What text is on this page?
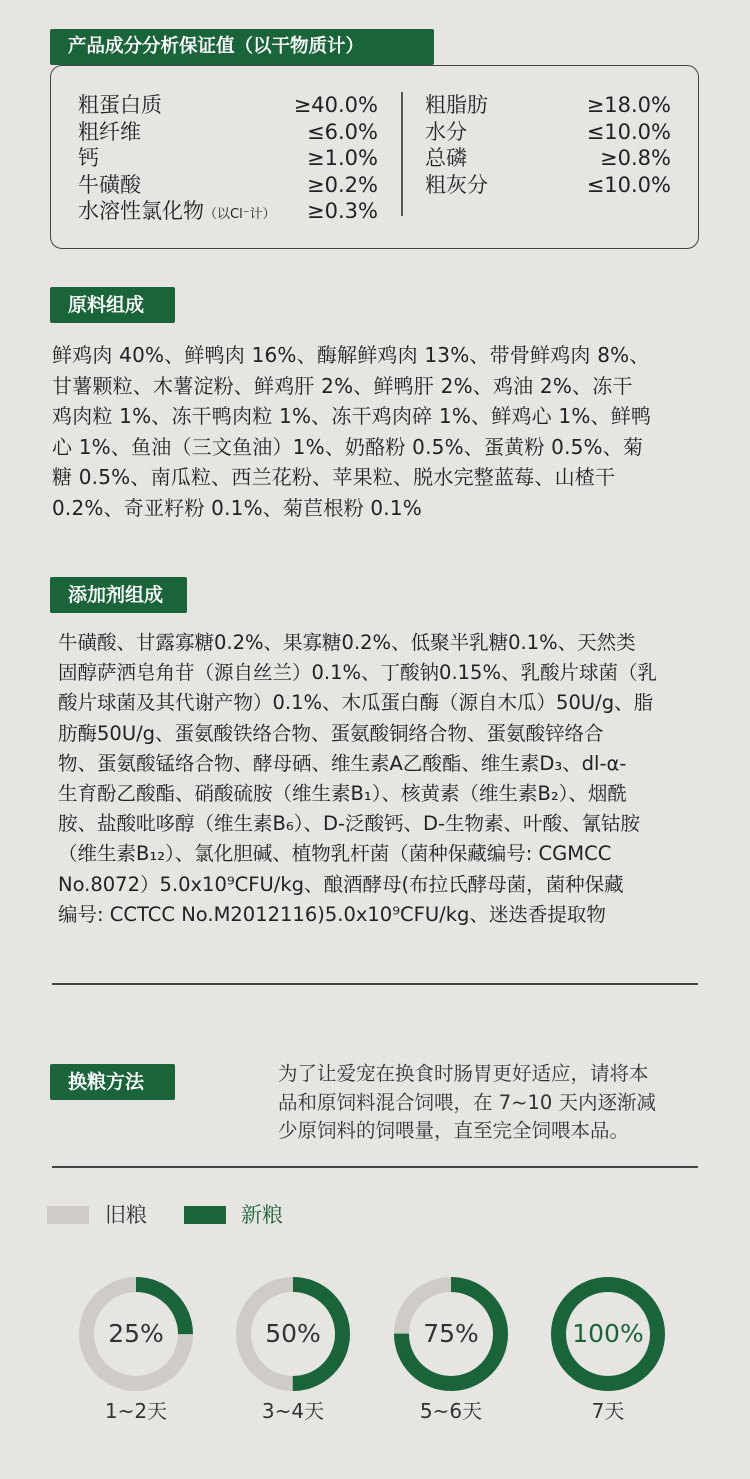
产品成分分析保证值（以干物质计）
粗蛋白质	≥40.0%
粗纤维	≤6.0%
钙	≥1.0%
牛磺酸	≥0.2%
水溶性氯化物（以Cl⁻计） ≥0.3%
粗脂肪	≥18.0%
水分	≤10.0%
总磷	≥0.8%
粗灰分	≤10.0%
原料组成
鲜鸡肉 40%、鲜鸭肉 16%、酶解鲜鸡肉 13%、带骨鲜鸡肉 8%、
甘薯颗粒、木薯淀粉、鲜鸡肝 2%、鲜鸭肝 2%、鸡油 2%、冻干
鸡肉粒 1%、冻干鸭肉粒 1%、冻干鸡肉碎 1%、鲜鸡心 1%、鲜鸭
心 1%、鱼油（三文鱼油）1%、奶酪粉 0.5%、蛋黄粉 0.5%、菊
糖 0.5%、南瓜粒、西兰花粉、苹果粒、脱水完整蓝莓、山楂干
0.2%、奇亚籽粉 0.1%、菊苣根粉 0.1%
添加剂组成
牛磺酸、甘露寡糖0.2%、果寡糖0.2%、低聚半乳糖0.1%、天然类
固醇萨洒皂角苷（源自丝兰）0.1%、丁酸钠0.15%、乳酸片球菌（乳
酸片球菌及其代谢产物）0.1%、木瓜蛋白酶（源自木瓜）50U/g、脂
肪酶50U/g、蛋氨酸铁络合物、蛋氨酸铜络合物、蛋氨酸锌络合
物、蛋氨酸锰络合物、酵母硒、维生素A乙酸酯、维生素D₃、dl-α-
生育酚乙酸酯、硝酸硫胺（维生素B₁）、核黄素（维生素B₂）、烟酰
胺、盐酸吡哆醇（维生素B₆）、D-泛酸钙、D-生物素、叶酸、氰钴胺
（维生素B₁₂）、氯化胆碱、植物乳杆菌（菌种保藏编号: CGMCC
No.8072）5.0x10⁹CFU/kg、酿酒酵母(布拉氏酵母菌，菌种保藏
编号: CCTCC No.M2012116)5.0x10⁹CFU/kg、迷迭香提取物
换粮方法	为了让爱宠在换食时肠胃更好适应，请将本
品和原饲料混合饲喂，在 7~10 天内逐渐减
少原饲料的饲喂量，直至完全饲喂本品。
旧粮	新粮
25%
1~2天
50%
3~4天
75%
5~6天
100%
7天
